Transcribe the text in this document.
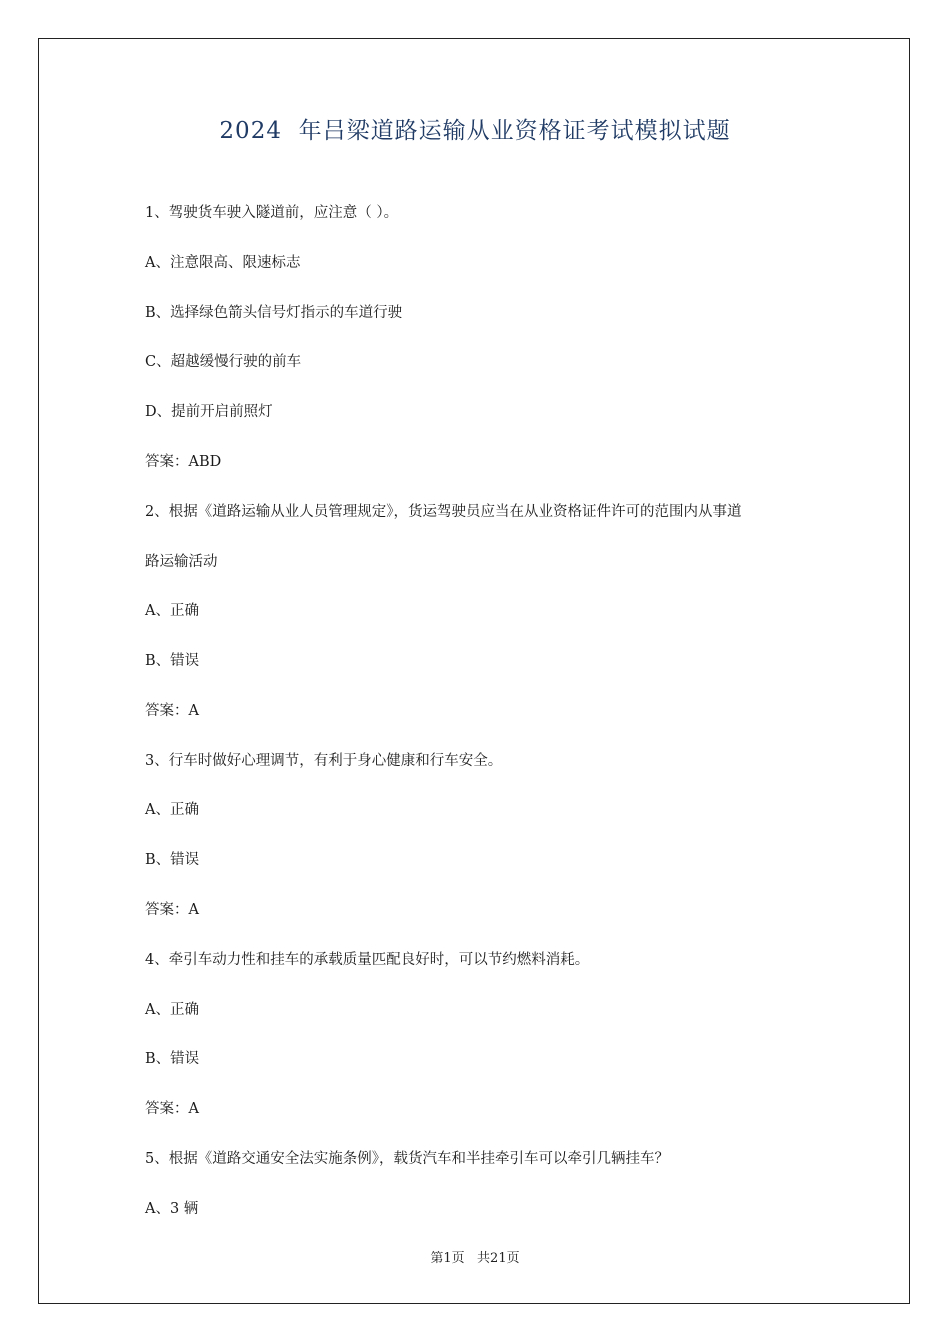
2024  年吕梁道路运输从业资格证考试模拟试题
1、驾驶货车驶入隧道前，应注意（ ）。
A、注意限高、限速标志
B、选择绿色箭头信号灯指示的车道行驶
C、超越缓慢行驶的前车
D、提前开启前照灯
答案：ABD
2、根据《道路运输从业人员管理规定》，货运驾驶员应当在从业资格证件许可的范围内从事道
路运输活动
A、正确
B、错误
答案：A
3、行车时做好心理调节，有利于身心健康和行车安全。
A、正确
B、错误
答案：A
4、牵引车动力性和挂车的承载质量匹配良好时，可以节约燃料消耗。
A、正确
B、错误
答案：A
5、根据《道路交通安全法实施条例》，载货汽车和半挂牵引车可以牵引几辆挂车？
A、3 辆
第1页   共21页
